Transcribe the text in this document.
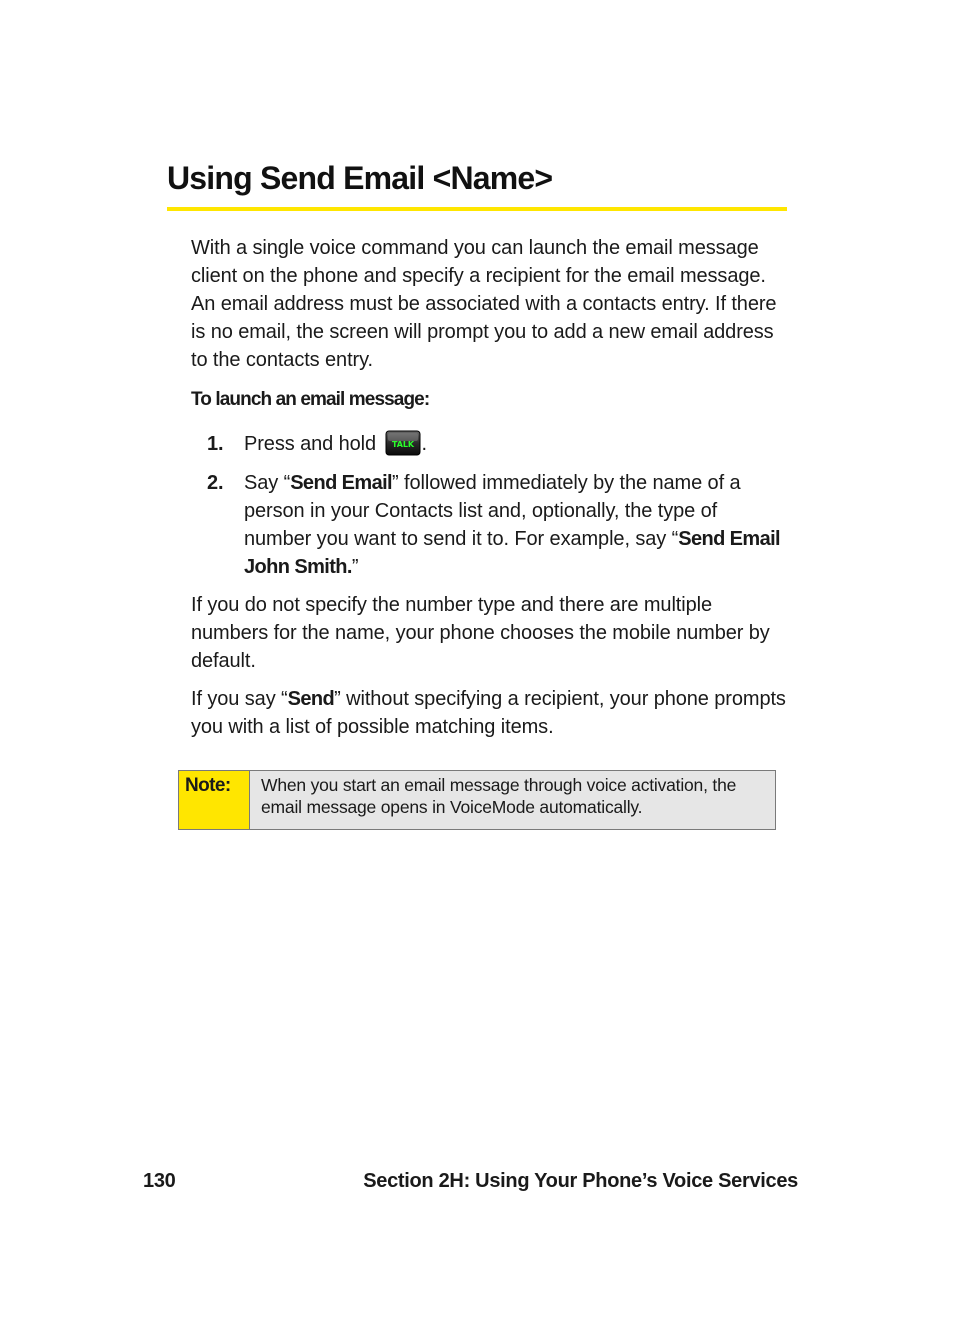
Using Send Email <Name>

With a single voice command you can launch the email message client on the phone and specify a recipient for the email message. An email address must be associated with a contacts entry. If there is no email, the screen will prompt you to add a new email address to the contacts entry.

To launch an email message:

1. Press and hold TALK .
2. Say “Send Email” followed immediately by the name of a person in your Contacts list and, optionally, the type of number you want to send it to. For example, say “Send Email John Smith.”

If you do not specify the number type and there are multiple numbers for the name, your phone chooses the mobile number by default.

If you say “Send” without specifying a recipient, your phone prompts you with a list of possible matching items.

Note:	When you start an email message through voice activation, the email message opens in VoiceMode automatically.
130	Section 2H: Using Your Phone’s Voice Services
